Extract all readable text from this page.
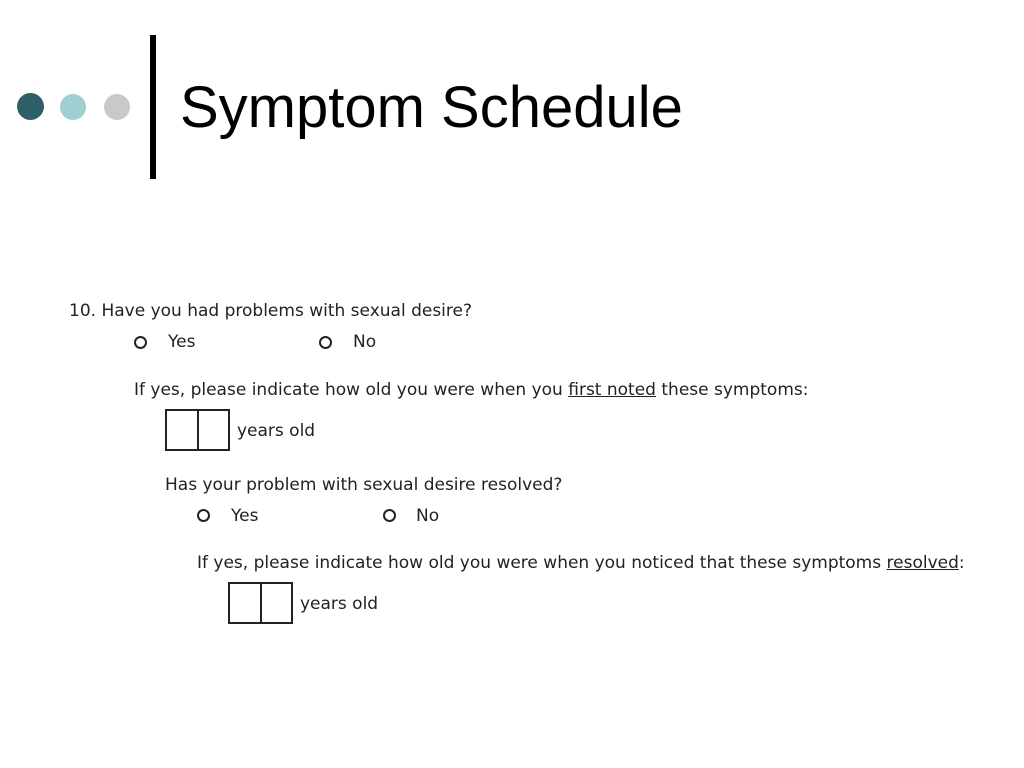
Symptom Schedule
10. Have you had problems with sexual desire?
Yes	No
If yes, please indicate how old you were when you first noted these symptoms:
years old
Has your problem with sexual desire resolved?
Yes	No
If yes, please indicate how old you were when you noticed that these symptoms resolved:
years old
